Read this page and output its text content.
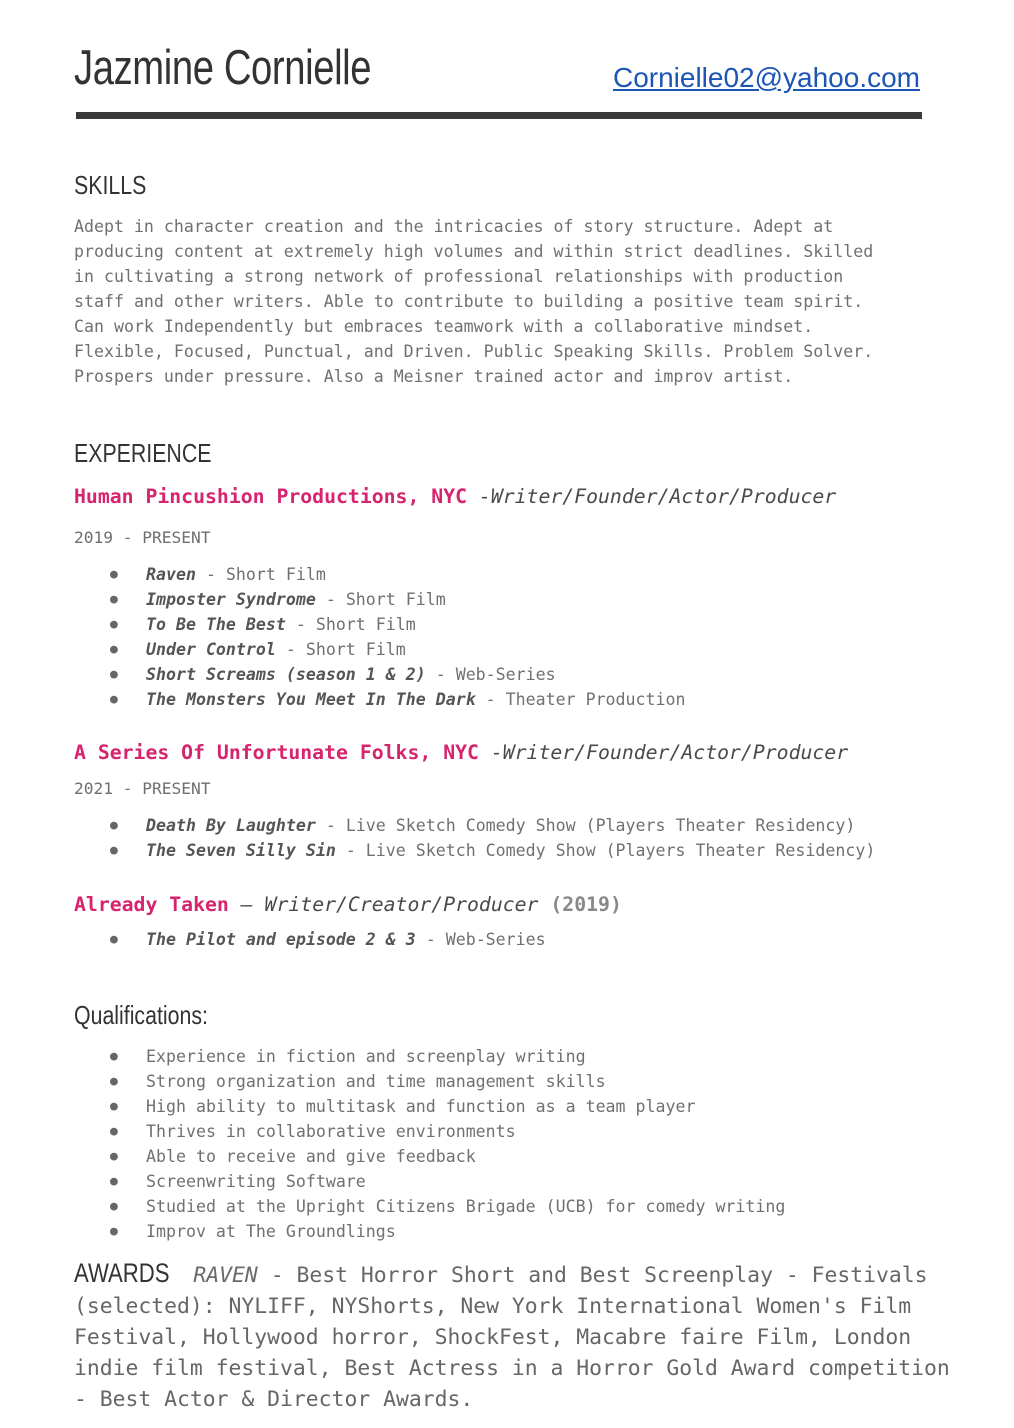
Jazmine Cornielle	Cornielle02@yahoo.com
SKILLS

Adept in character creation and the intricacies of story structure. Adept at
producing content at extremely high volumes and within strict deadlines. Skilled
in cultivating a strong network of professional relationships with production
staff and other writers. Able to contribute to building a positive team spirit.
Can work Independently but embraces teamwork with a collaborative mindset.
Flexible, Focused, Punctual, and Driven. Public Speaking Skills. Problem Solver.
Prospers under pressure. Also a Meisner trained actor and improv artist.

EXPERIENCE
Human Pincushion Productions, NYC -Writer/Founder/Actor/Producer
2019 - PRESENT
● Raven - Short Film
● Imposter Syndrome - Short Film
● To Be The Best - Short Film
● Under Control - Short Film
● Short Screams (season 1 & 2) - Web-Series
● The Monsters You Meet In The Dark - Theater Production
A Series Of Unfortunate Folks, NYC -Writer/Founder/Actor/Producer
2021 - PRESENT
● Death By Laughter - Live Sketch Comedy Show (Players Theater Residency)
● The Seven Silly Sin - Live Sketch Comedy Show (Players Theater Residency)
Already Taken — Writer/Creator/Producer (2019)
● The Pilot and episode 2 & 3 - Web-Series
Qualifications:
● Experience in fiction and screenplay writing
● Strong organization and time management skills
● High ability to multitask and function as a team player
● Thrives in collaborative environments
● Able to receive and give feedback
● Screenwriting Software
● Studied at the Upright Citizens Brigade (UCB) for comedy writing
● Improv at The Groundlings

AWARDS RAVEN - Best Horror Short and Best Screenplay - Festivals (selected): NYLIFF, NYShorts, New York International Women's Film Festival, Hollywood horror, ShockFest, Macabre faire Film, London indie film festival, Best Actress in a Horror Gold Award competition - Best Actor & Director Awards.
